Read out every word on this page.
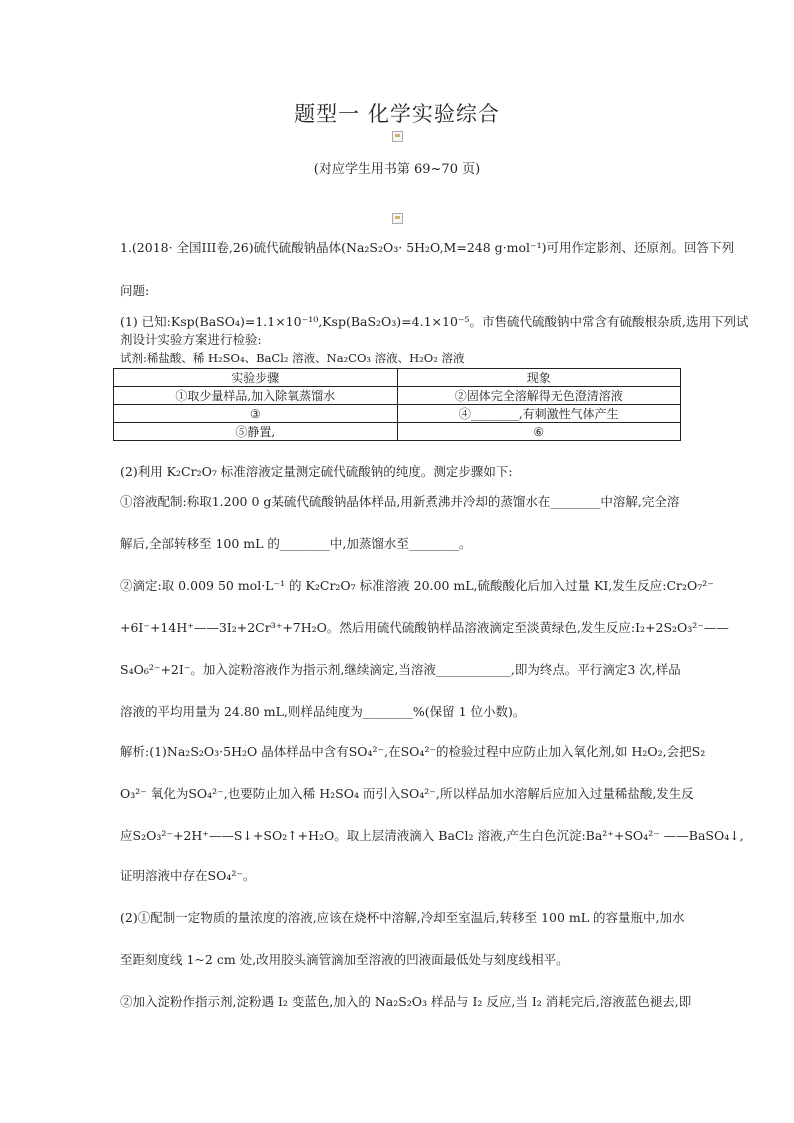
题型一 化学实验综合
(对应学生用书第 69~70 页)
1.(2018· 全国III卷,26)硫代硫酸钠晶体(Na₂S₂O₃· 5H₂O,M=248 g·mol⁻¹)可用作定影剂、还原剂。回答下列
问题:
(1) 已知:Ksp(BaSO₄)=1.1×10⁻¹⁰,Ksp(BaS₂O₃)=4.1×10⁻⁵。市售硫代硫酸钠中常含有硫酸根杂质,选用下列试
剂设计实验方案进行检验:
试剂:稀盐酸、稀 H₂SO₄、BaCl₂ 溶液、Na₂CO₃ 溶液、H₂O₂ 溶液
实验步骤	现象
①取少量样品,加入除氧蒸馏水	②固体完全溶解得无色澄清溶液
③	④________,有刺激性气体产生
⑤静置,	⑥
(2)利用 K₂Cr₂O₇ 标准溶液定量测定硫代硫酸钠的纯度。测定步骤如下:
①溶液配制:称取1.200 0 g某硫代硫酸钠晶体样品,用新煮沸并冷却的蒸馏水在________中溶解,完全溶
解后,全部转移至 100 mL 的________中,加蒸馏水至________。
②滴定:取 0.009 50 mol·L⁻¹ 的 K₂Cr₂O₇ 标准溶液 20.00 mL,硫酸酸化后加入过量 KI,发生反应:Cr₂O₇²⁻
+6I⁻+14H⁺——3I₂+2Cr³⁺+7H₂O。然后用硫代硫酸钠样品溶液滴定至淡黄绿色,发生反应:I₂+2S₂O₃²⁻——
S₄O₆²⁻+2I⁻。加入淀粉溶液作为指示剂,继续滴定,当溶液____________,即为终点。平行滴定3 次,样品
溶液的平均用量为 24.80 mL,则样品纯度为________%(保留 1 位小数)。
解析:(1)Na₂S₂O₃·5H₂O 晶体样品中含有SO₄²⁻,在SO₄²⁻的检验过程中应防止加入氧化剂,如 H₂O₂,会把S₂
O₃²⁻ 氧化为SO₄²⁻,也要防止加入稀 H₂SO₄ 而引入SO₄²⁻,所以样品加水溶解后应加入过量稀盐酸,发生反
应S₂O₃²⁻+2H⁺——S↓+SO₂↑+H₂O。取上层清液滴入 BaCl₂ 溶液,产生白色沉淀:Ba²⁺+SO₄²⁻ ——BaSO₄↓,
证明溶液中存在SO₄²⁻。
(2)①配制一定物质的量浓度的溶液,应该在烧杯中溶解,冷却至室温后,转移至 100 mL 的容量瓶中,加水
至距刻度线 1~2 cm 处,改用胶头滴管滴加至溶液的凹液面最低处与刻度线相平。
②加入淀粉作指示剂,淀粉遇 I₂ 变蓝色,加入的 Na₂S₂O₃ 样品与 I₂ 反应,当 I₂ 消耗完后,溶液蓝色褪去,即
